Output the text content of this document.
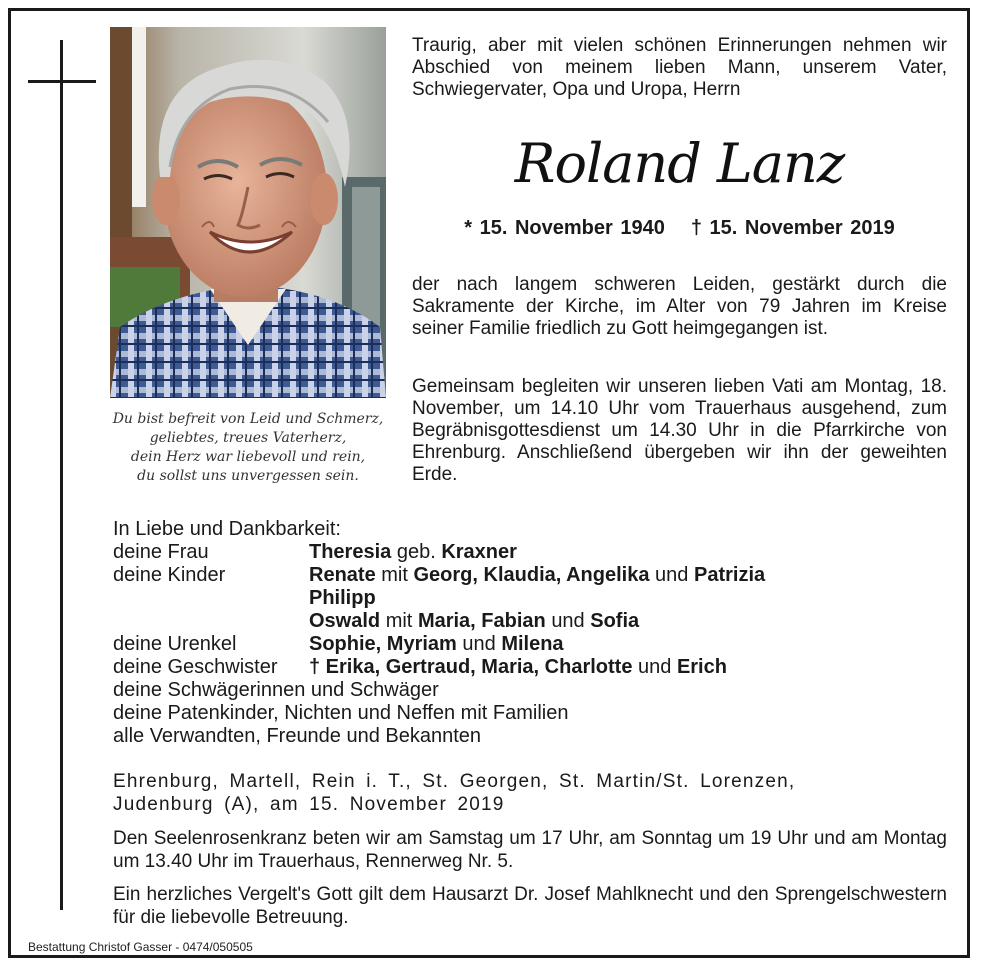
Du bist befreit von Leid und Schmerz,
geliebtes, treues Vaterherz,
dein Herz war liebevoll und rein,
du sollst uns unvergessen sein.
Traurig, aber mit vielen schönen Erinnerungen nehmen wir Abschied von meinem lieben Mann, unserem Vater, Schwiegervater, Opa und Uropa, Herrn
Roland Lanz
* 15. November 1940 † 15. November 2019
der nach langem schweren Leiden, gestärkt durch die Sakramente der Kirche, im Alter von 79 Jahren im Kreise seiner Familie friedlich zu Gott heimgegangen ist.
Gemeinsam begleiten wir unseren lieben Vati am Montag, 18. November, um 14.10 Uhr vom Trauerhaus ausgehend, zum Begräbnisgottesdienst um 14.30 Uhr in die Pfarrkirche von Ehrenburg. Anschließend übergeben wir ihn der geweihten Erde.
In Liebe und Dankbarkeit:
deine Frau	Theresia geb. Kraxner
deine Kinder	Renate mit Georg, Klaudia, Angelika und Patrizia
Philipp
Oswald mit Maria, Fabian und Sofia
deine Urenkel	Sophie, Myriam und Milena
deine Geschwister † Erika, Gertraud, Maria, Charlotte und Erich
deine Schwägerinnen und Schwäger
deine Patenkinder, Nichten und Neffen mit Familien
alle Verwandten, Freunde und Bekannten
Ehrenburg, Martell, Rein i. T., St. Georgen, St. Martin/St. Lorenzen,
Judenburg (A), am 15. November 2019
Den Seelenrosenkranz beten wir am Samstag um 17 Uhr, am Sonntag um 19 Uhr und am Montag um 13.40 Uhr im Trauerhaus, Rennerweg Nr. 5.
Ein herzliches Vergelt's Gott gilt dem Hausarzt Dr. Josef Mahlknecht und den Sprengelschwestern für die liebevolle Betreuung.
Bestattung Christof Gasser - 0474/050505
